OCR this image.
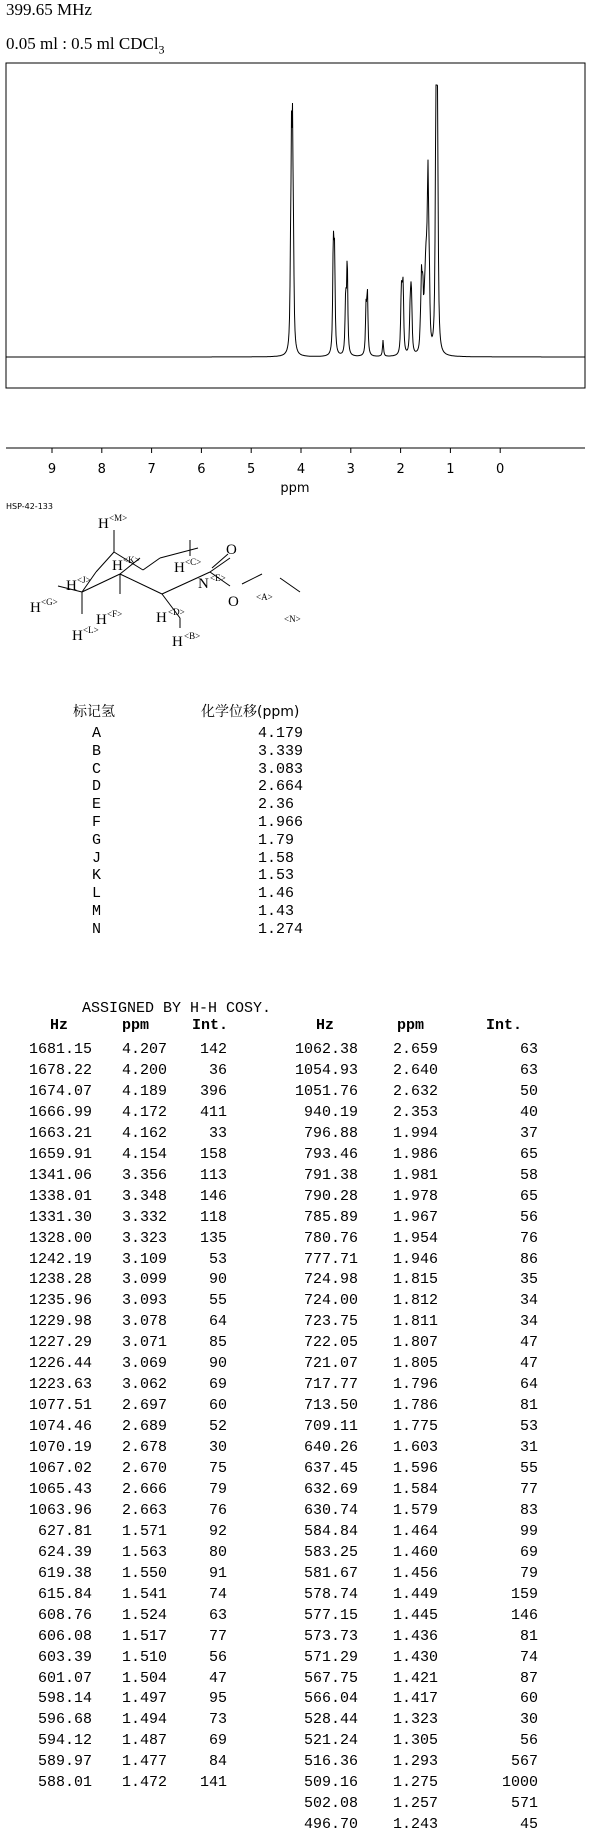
399.65 MHz
0.05 ml : 0.5 ml CDCl$_3$
9	8	7	6	5	4	3	2	1	0
ppm
HSP-42-133
H <M>
H <K> H <C>
H <J>	N <E>
O
H <G>
H <F> H <D>
O <A>
<N>
H <L>
H <B>
标记氢	化学位移(ppm)
A	4.179
B	3.339
C	3.083
D	2.664
E	2.36
F	1.966
G	1.79
J	1.58
K	1.53
L	1.46
M	1.43
N	1.274
ASSIGNED BY H-H COSY.
Hz	ppm	Int.	Hz	ppm	Int.
1681.15 4.207 142	1062.38 2.659	63
1678.22 4.200	36	1054.93 2.640	63
1674.07 4.189 396	1051.76 2.632	50
1666.99 4.172 411	940.19 2.353	40
1663.21 4.162	33	796.88 1.994	37
1659.91 4.154 158	793.46 1.986	65
1341.06 3.356 113	791.38 1.981	58
1338.01 3.348 146	790.28 1.978	65
1331.30 3.332 118	785.89 1.967	56
1328.00 3.323 135	780.76 1.954	76
1242.19 3.109	53	777.71 1.946	86
1238.28 3.099	90	724.98 1.815	35
1235.96 3.093	55	724.00 1.812	34
1229.98 3.078	64	723.75 1.811	34
1227.29 3.071	85	722.05 1.807	47
1226.44 3.069	90	721.07 1.805	47
1223.63 3.062	69	717.77 1.796	64
1077.51 2.697	60	713.50 1.786	81
1074.46 2.689	52	709.11 1.775	53
1070.19 2.678	30	640.26 1.603	31
1067.02 2.670	75	637.45 1.596	55
1065.43 2.666	79	632.69 1.584	77
1063.96 2.663	76	630.74 1.579	83
627.81 1.571	92	584.84 1.464	99
624.39 1.563	80	583.25 1.460	69
619.38 1.550	91	581.67 1.456	79
615.84 1.541	74	578.74 1.449	159
608.76 1.524	63	577.15 1.445	146
606.08 1.517	77	573.73 1.436	81
603.39 1.510	56	571.29 1.430	74
601.07 1.504	47	567.75 1.421	87
598.14 1.497	95	566.04 1.417	60
596.68 1.494	73	528.44 1.323	30
594.12 1.487	69	521.24 1.305	56
589.97 1.477	84	516.36 1.293	567
588.01 1.472 141	509.16 1.275	1000
502.08 1.257	571
496.70 1.243	45
